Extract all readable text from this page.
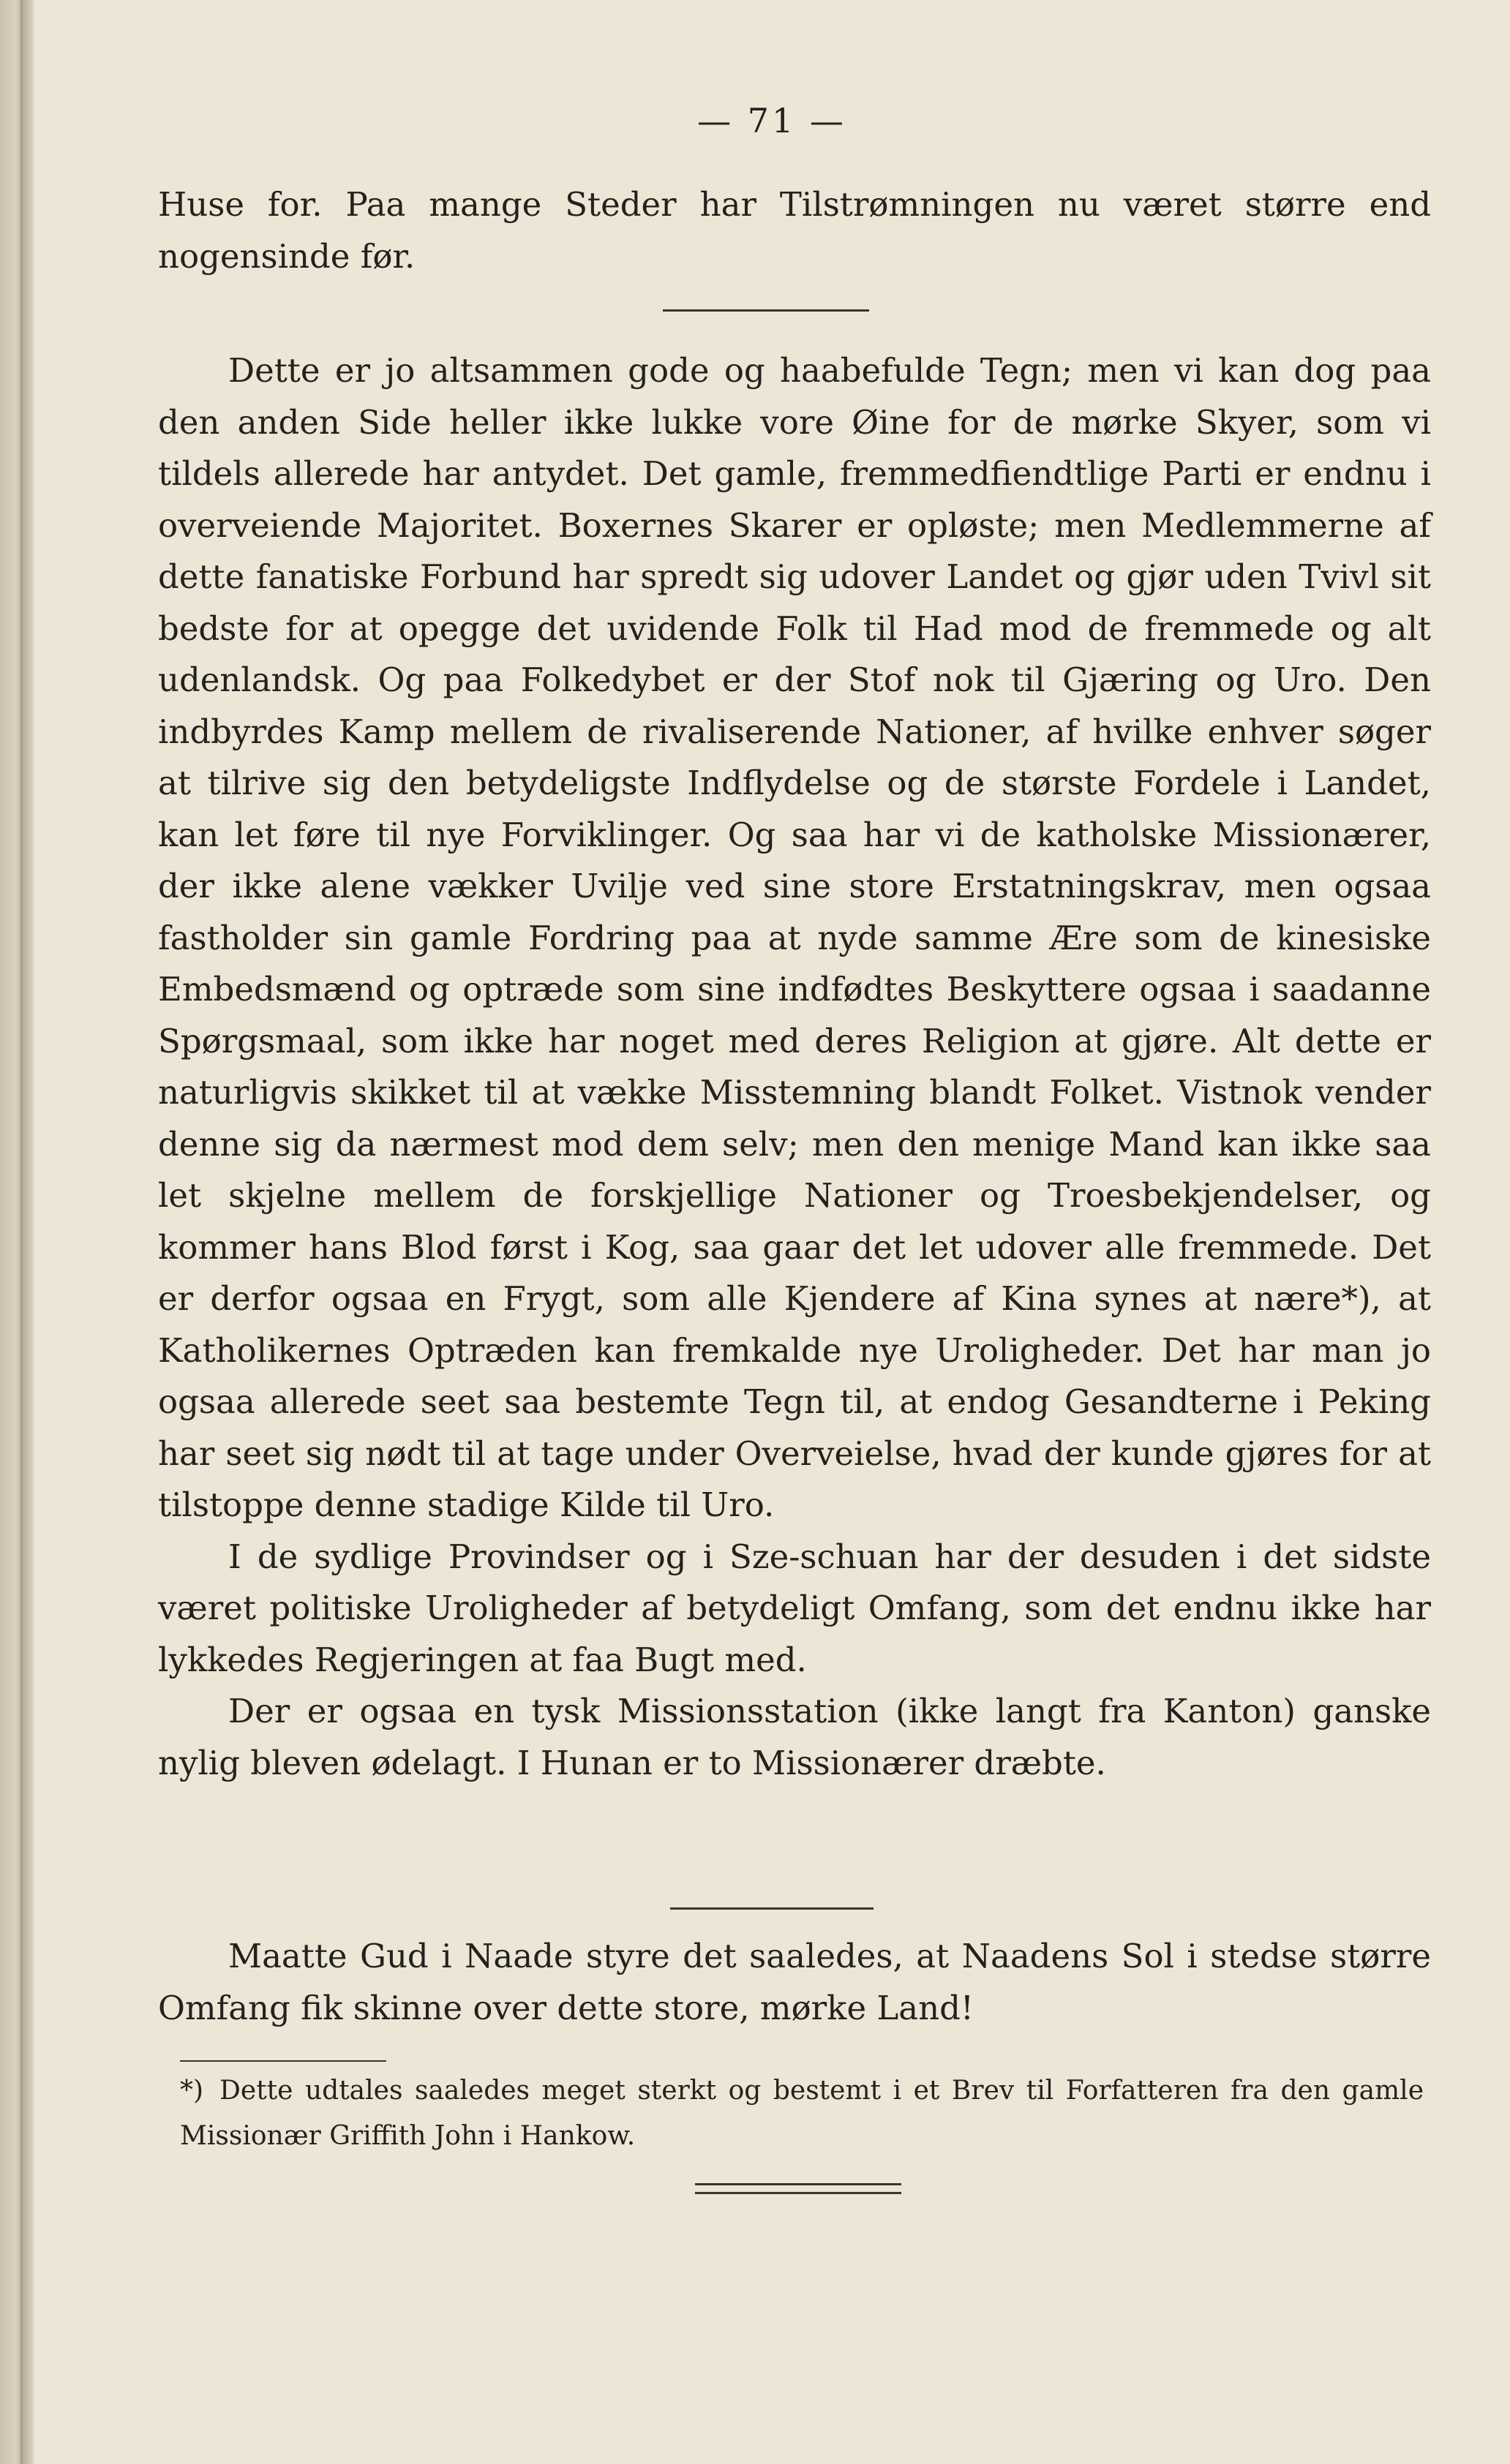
— 71 —

Huse for. Paa mange Steder har Tilstrømningen nu været større end nogensinde før.

Dette er jo altsammen gode og haabefulde Tegn; men vi kan dog paa den anden Side heller ikke lukke vore Øine for de mørke Skyer, som vi tildels allerede har antydet. Det gamle, fremmedfiendtlige Parti er endnu i overveiende Majoritet. Boxernes Skarer er opløste; men Medlemmerne af dette fanatiske Forbund har spredt sig udover Landet og gjør uden Tvivl sit bedste for at opegge det uvidende Folk til Had mod de fremmede og alt udenlandsk. Og paa Folkedybet er der Stof nok til Gjæring og Uro. Den indbyrdes Kamp mellem de rivaliserende Nationer, af hvilke enhver søger at tilrive sig den betydeligste Indflydelse og de største Fordele i Landet, kan let føre til nye Forviklinger. Og saa har vi de katholske Missionærer, der ikke alene vækker Uvilje ved sine store Erstatningskrav, men ogsaa fastholder sin gamle Fordring paa at nyde samme Ære som de kinesiske Embedsmænd og optræde som sine indfødtes Beskyttere ogsaa i saadanne Spørgsmaal, som ikke har noget med deres Religion at gjøre. Alt dette er naturligvis skikket til at vække Misstemning blandt Folket. Vistnok vender denne sig da nærmest mod dem selv; men den menige Mand kan ikke saa let skjelne mellem de forskjellige Nationer og Troesbekjendelser, og kommer hans Blod først i Kog, saa gaar det let udover alle fremmede. Det er derfor ogsaa en Frygt, som alle Kjendere af Kina synes at nære*), at Katholikernes Optræden kan fremkalde nye Uroligheder. Det har man jo ogsaa allerede seet saa bestemte Tegn til, at endog Gesandterne i Peking har seet sig nødt til at tage under Overveielse, hvad der kunde gjøres for at tilstoppe denne stadige Kilde til Uro.

I de sydlige Provindser og i Sze-schuan har der desuden i det sidste været politiske Uroligheder af betydeligt Omfang, som det endnu ikke har lykkedes Regjeringen at faa Bugt med.

Der er ogsaa en tysk Missionsstation (ikke langt fra Kanton) ganske nylig bleven ødelagt. I Hunan er to Missionærer dræbte.

Maatte Gud i Naade styre det saaledes, at Naadens Sol i stedse større Omfang fik skinne over dette store, mørke Land!

*) Dette udtales saaledes meget sterkt og bestemt i et Brev til Forfatteren fra den gamle Missionær Griffith John i Hankow.
